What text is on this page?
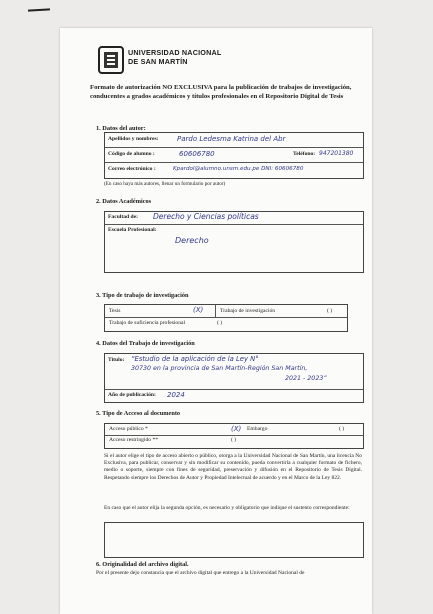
UNIVERSIDAD NACIONAL
DE SAN MARTÍN
Formato de autorización NO EXCLUSIVA para la publicación de trabajos de investigación, conducentes a grados académicos y títulos profesionales en el Repositorio Digital de Tesis
1. Datos del autor:
Apellidos y nombres:	Pardo Ledesma Katrina del Abr
Código de alumno :	60606780	Teléfono: 947201380
Correo electrónico :	Kpardol@alumno.unsm.edu.pe DNI: 60606780
(En caso haya más autores, llenar un formulario por autor)
2. Datos Académicos
Facultad de: Derecho y Ciencias políticas
Escuela Profesional:
Derecho
3. Tipo de trabajo de investigación
Tesis	(X)	Trabajo de investigación	( )
Trabajo de suficiencia profesional	( )
4. Datos del Trabajo de investigación
Titulo: “Estudio de la aplicación de la Ley N°
30730 en la provincia de San Martín-Región San Martín,
2021 - 2023”
Año de publicación: 2024
5. Tipo de Acceso al documento
Acceso público *	(X) Embargo	( )
Acceso restringido **	( )
Si el autor elige el tipo de acceso abierto o público, otorga a la Universidad Nacional de San Martín, una licencia No Exclusiva, para publicar, conservar y sin modificar su contenido, pueda convertirla a cualquier formato de fichero, medio o soporte, siempre con fines de seguridad, preservación y difusión en el Repositorio de Tesis Digital. Respetando siempre los Derechos de Autor y Propiedad Intelectual de acuerdo y en el Marco de la Ley 822.
En caso que el autor elija la segunda opción, es necesario y obligatorio que indique el sustento correspondiente:
6. Originalidad del archivo digital.
Por el presente dejo constancia que el archivo digital que entrego a la Universidad Nacional de
